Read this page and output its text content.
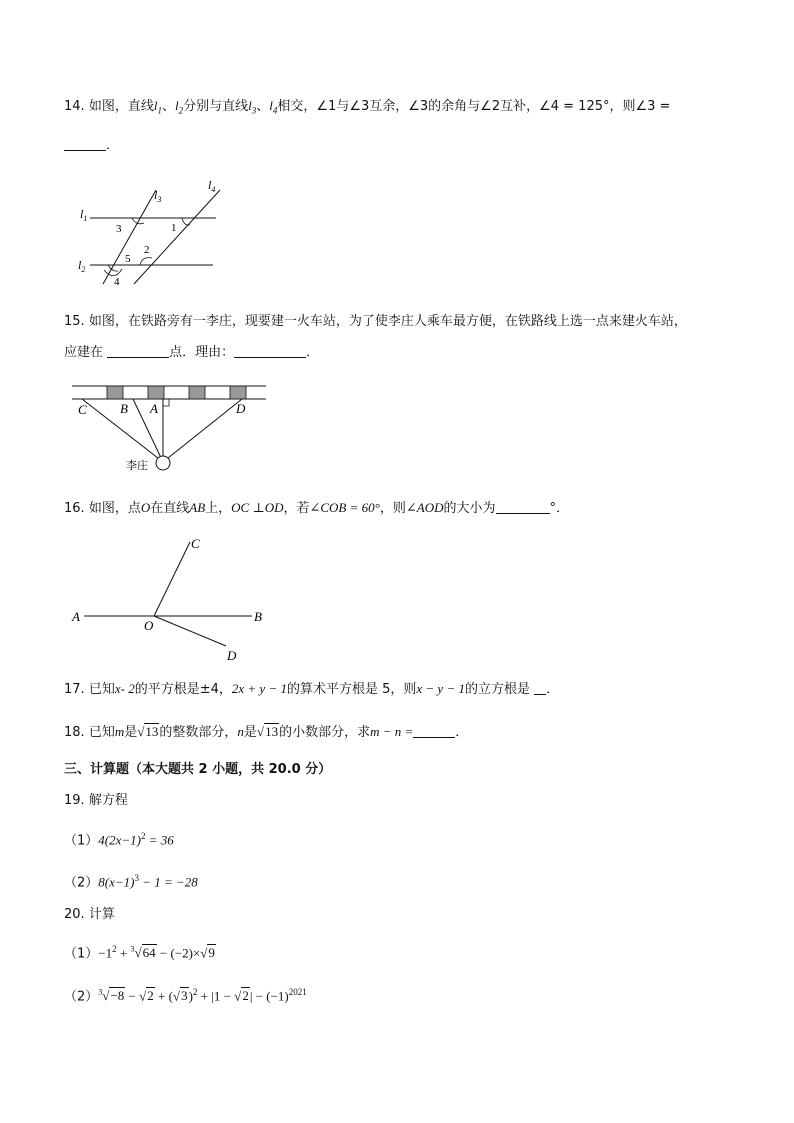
14. 如图，直线$l_1$、$l_2$分别与直线$l_3$、$l_4$相交，∠1与∠3互余，∠3的余角与∠2互补，∠4 = 125°，则∠3 =
．
$l_3$
$l_4$
$l_1$
$l_2$
3	1
2
5
4
15. 如图，在铁路旁有一李庄，现要建一火车站，为了使李庄人乘车最方便，在铁路线上选一点来建火车站，
应建在	点．理由：	．
C	B A	D
李庄
16. 如图，点O在直线AB上，OC ⊥OD，若∠COB = 60°，则∠AOD的大小为	°．
A	B
C
D
O
17. 已知x- 2的平方根是±4，2x + y − 1的算术平方根是 5，则x − y − 1的立方根是 ．
18. 已知m是√13的整数部分，n是√13的小数部分，求m − n =	．
三、计算题（本大题共 2 小题，共 20.0 分）
19. 解方程
$(1)4(2x-1)^2 = 36$
$(2)8(x-1)^3 - 1 = -28$
20. 计算
$(1)-1^2 + ^3√64 - (-2)\times√9$
$(2)^3√-8 - √2 + (√3)^2 + |1 - √2| - (-1)^{2021}$
